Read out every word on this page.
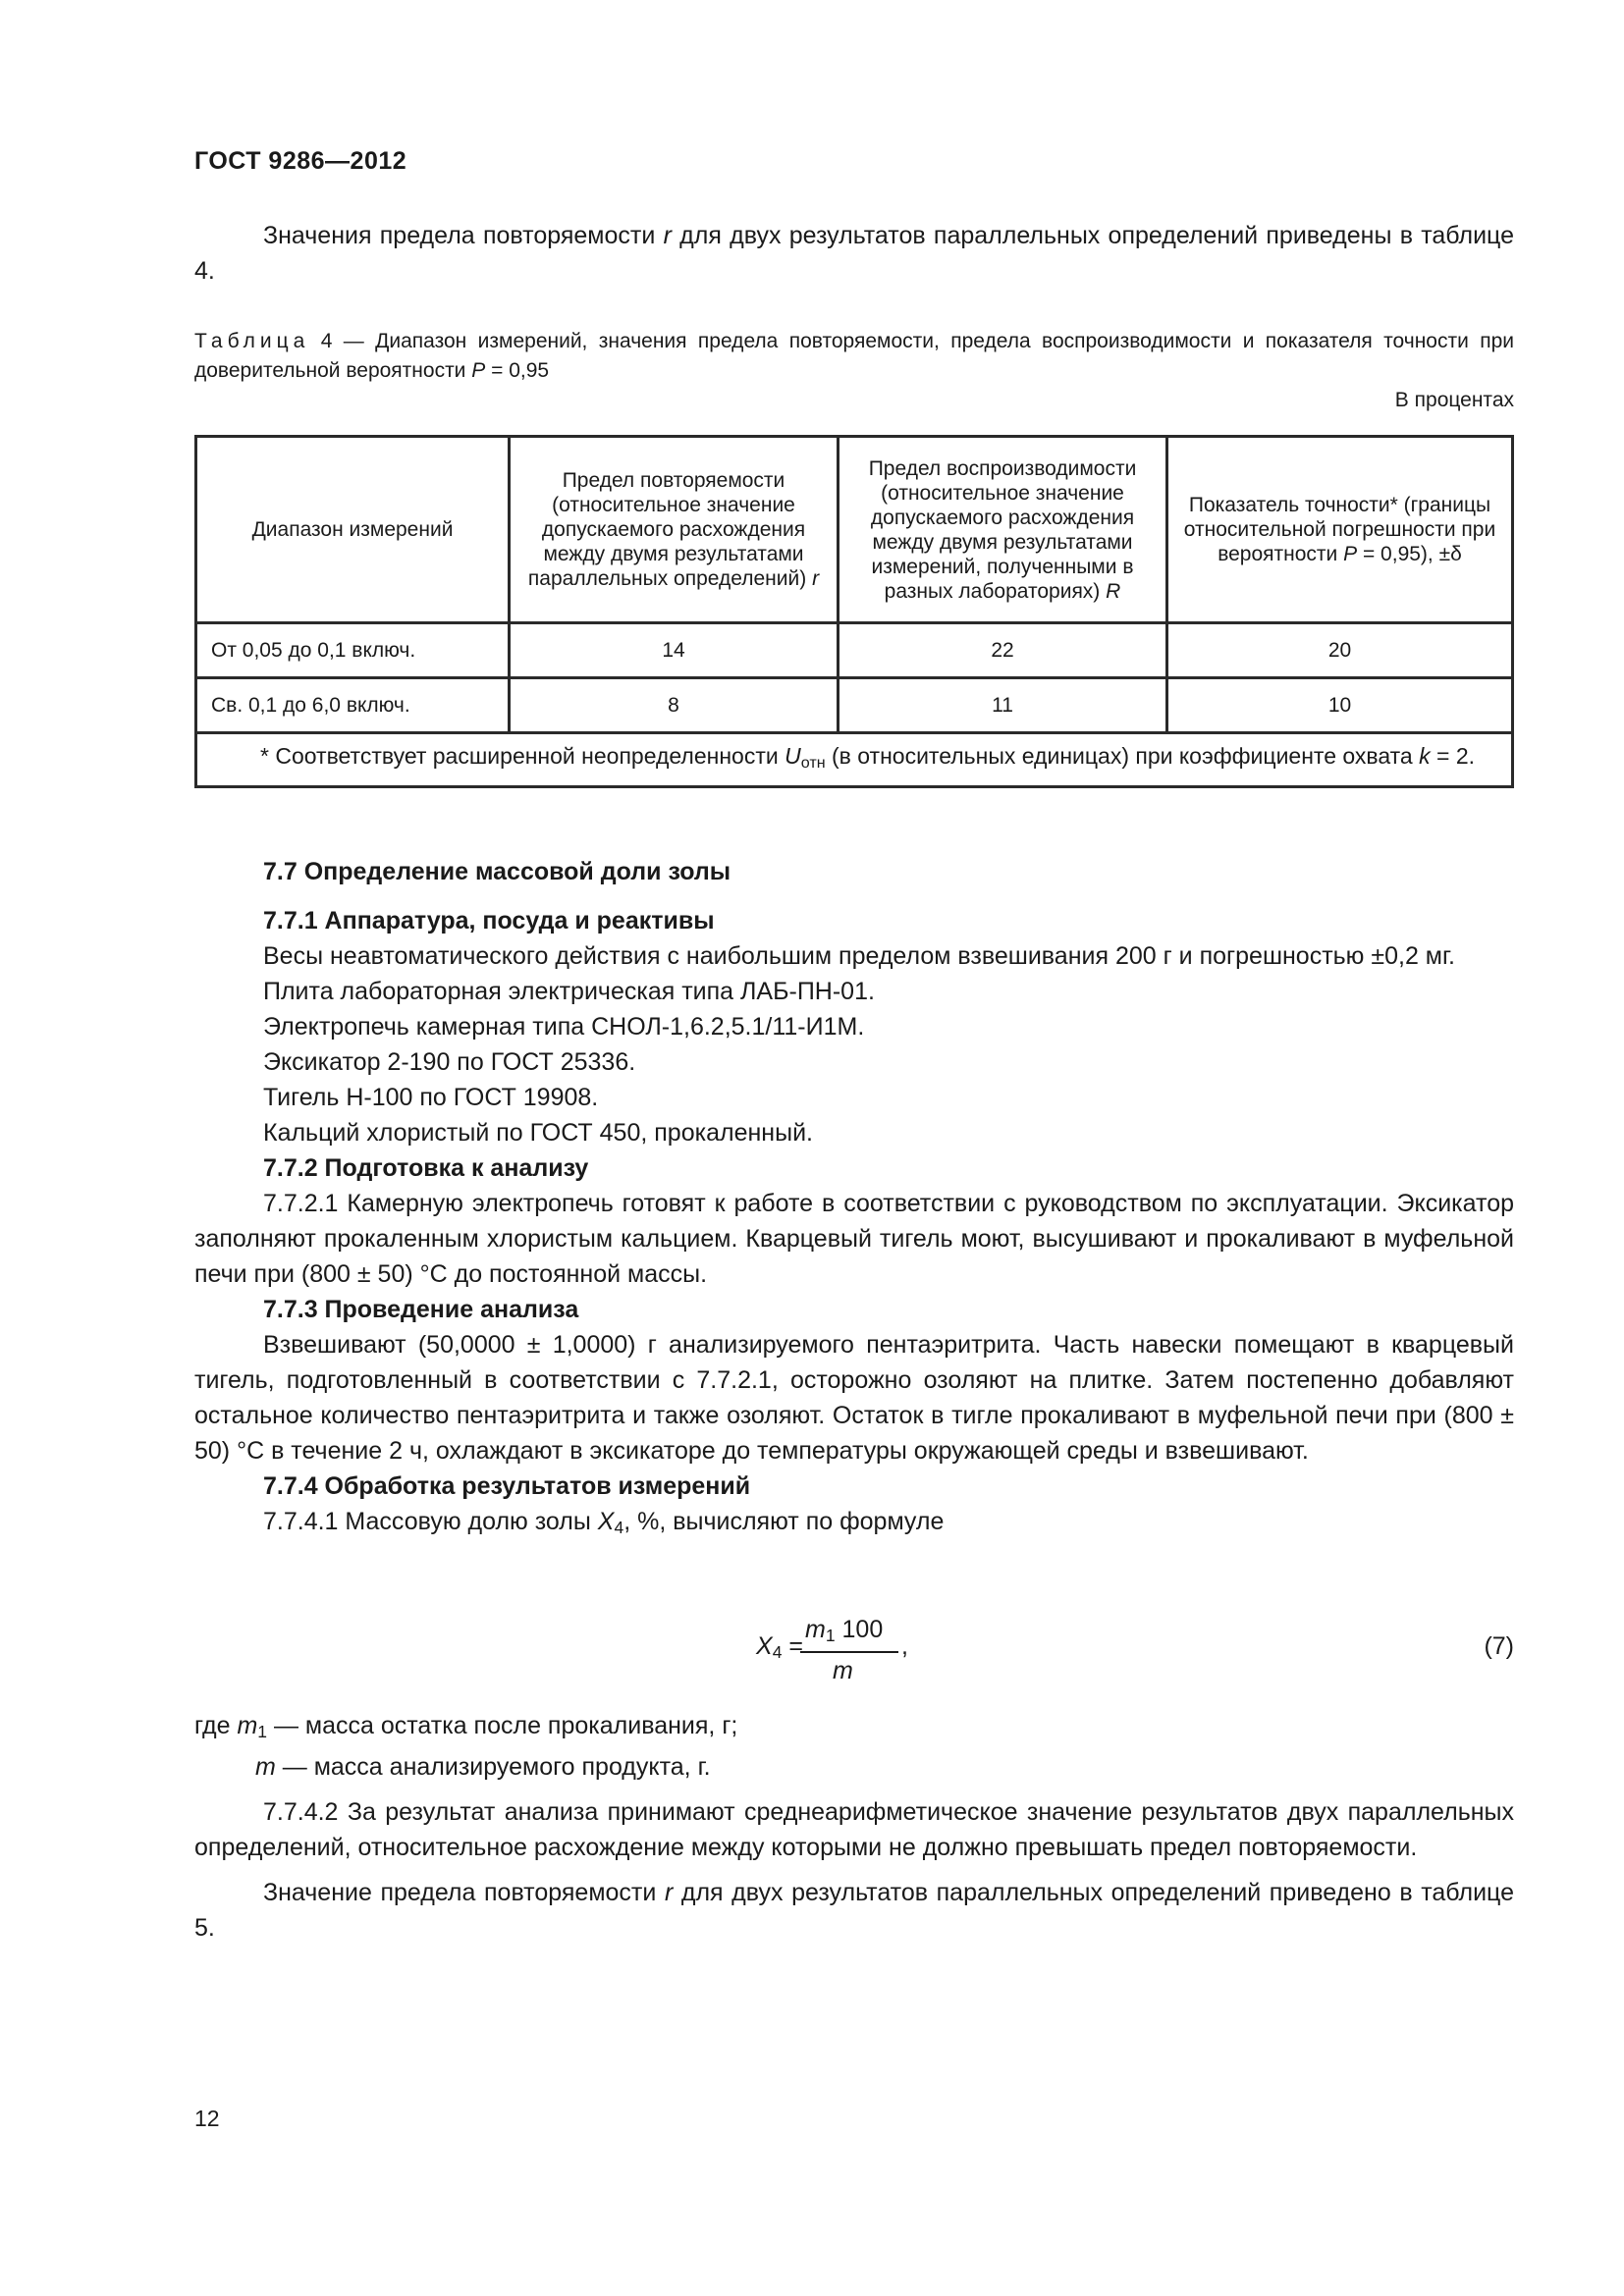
ГОСТ 9286—2012

Значения предела повторяемости r для двух результатов параллельных определений приведены в таблице 4.

Таблица 4 — Диапазон измерений, значения предела повторяемости, предела воспроизводимости и показателя точности при доверительной вероятности P = 0,95

В процентах
Диапазон измерений	Предел повторяемости (относительное значение допускаемого расхождения между двумя результатами параллельных определений) r	Предел воспроизводимости (относительное значение допускаемого расхождения между двумя результатами измерений, полученными в разных лабораториях) R	Показатель точности* (границы относительной погрешности при вероятности P = 0,95), ±δ
От 0,05 до 0,1 включ.	14	22	20
Св. 0,1 до 6,0 включ.	8	11	10
* Соответствует расширенной неопределенности $U_{отн}$ (в относительных единицах) при коэффициенте охвата k = 2.			

7.7 Определение массовой доли золы

7.7.1 Аппаратура, посуда и реактивы

Весы неавтоматического действия с наибольшим пределом взвешивания 200 г и погрешностью ±0,2 мг.

Плита лабораторная электрическая типа ЛАБ-ПН-01.

Электропечь камерная типа СНОЛ-1,6.2,5.1/11-И1М.

Эксикатор 2-190 по ГОСТ 25336.

Тигель Н-100 по ГОСТ 19908.

Кальций хлористый по ГОСТ 450, прокаленный.

7.7.2 Подготовка к анализу

7.7.2.1 Камерную электропечь готовят к работе в соответствии с руководством по эксплуатации. Эксикатор заполняют прокаленным хлористым кальцием. Кварцевый тигель моют, высушивают и прокаливают в муфельной печи при (800 ± 50) °С до постоянной массы.

7.7.3 Проведение анализа

Взвешивают (50,0000 ± 1,0000) г анализируемого пентаэритрита. Часть навески помещают в кварцевый тигель, подготовленный в соответствии с 7.7.2.1, осторожно озоляют на плитке. Затем постепенно добавляют остальное количество пентаэритрита и также озоляют. Остаток в тигле прокаливают в муфельной печи при (800 ± 50) °С в течение 2 ч, охлаждают в эксикаторе до температуры окружающей среды и взвешивают.

7.7.4 Обработка результатов измерений

7.7.4.1 Массовую долю золы $X_4$, %, вычисляют по формуле

$X_4$ =
$m_1$ 100
m
,	(7)

где $m_1$ — масса остатка после прокаливания, г;

m — масса анализируемого продукта, г.

7.7.4.2 За результат анализа принимают среднеарифметическое значение результатов двух параллельных определений, относительное расхождение между которыми не должно превышать предел повторяемости.

Значение предела повторяемости r для двух результатов параллельных определений приведено в таблице 5.

12
